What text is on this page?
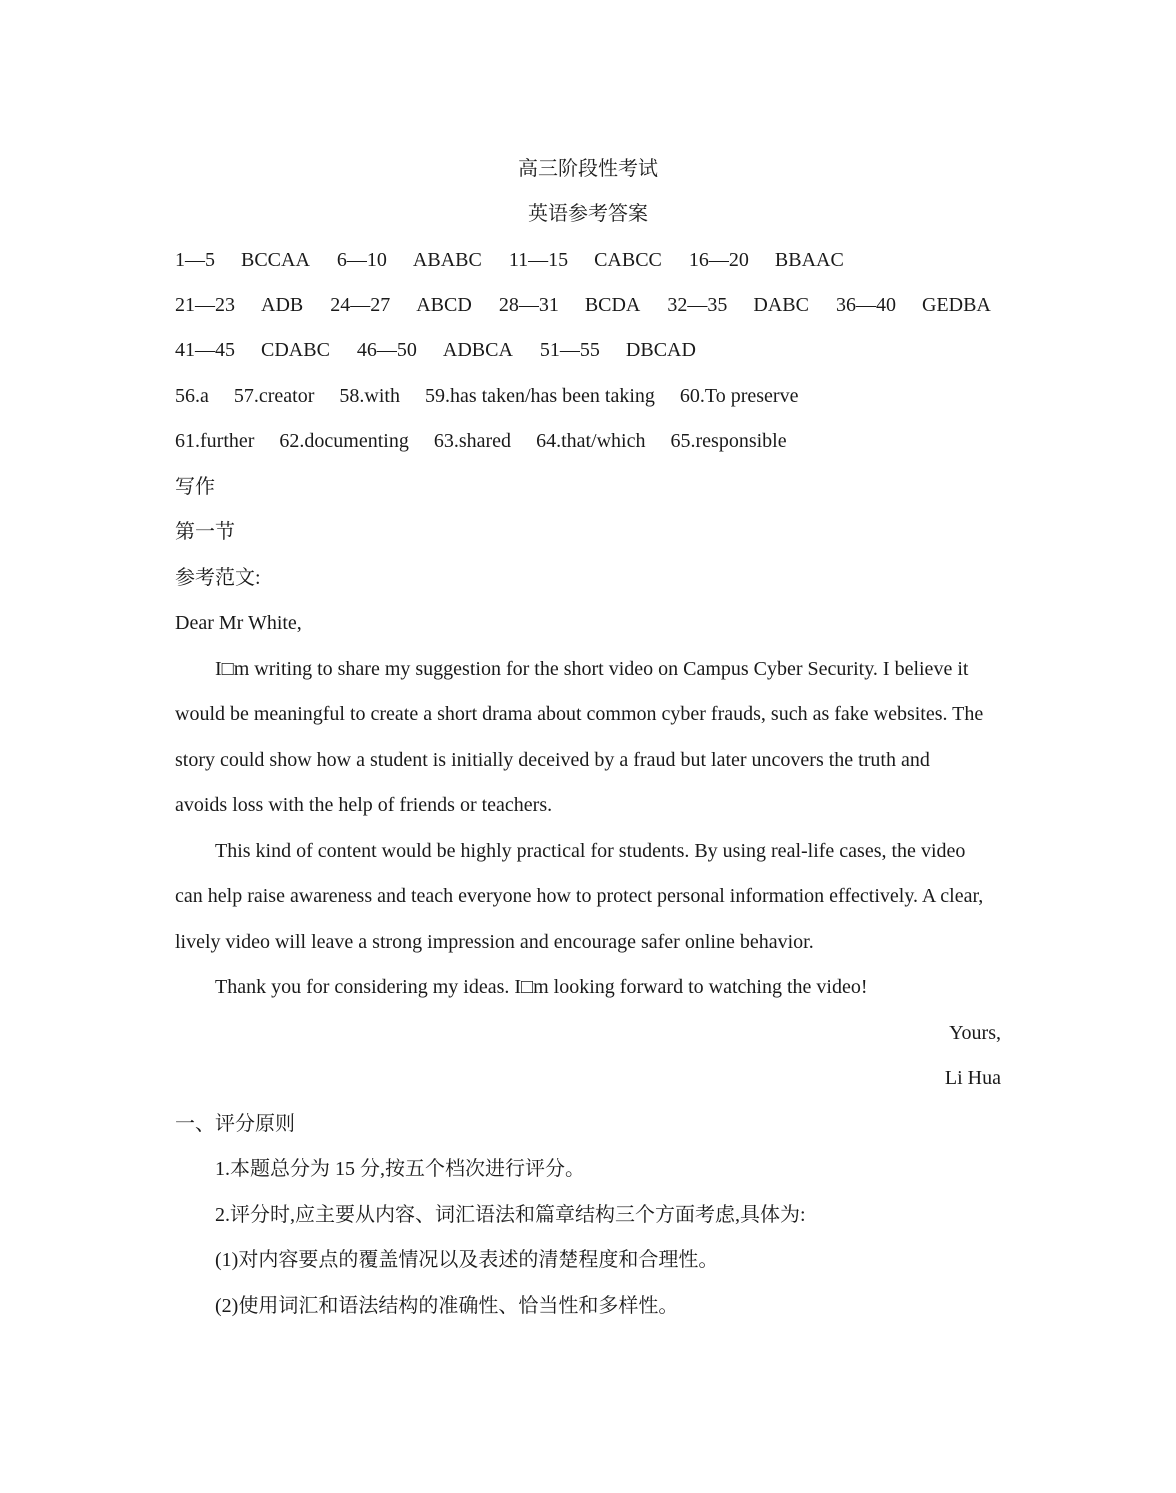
高三阶段性考试
英语参考答案
1—5 BCCAA 6—10 ABABC 11—15 CABCC 16—20 BBAAC
21—23 ADB 24—27 ABCD 28—31 BCDA 32—35 DABC 36—40 GEDBA
41—45 CDABC 46—50 ADBCA 51—55 DBCAD
56.a 57.creator 58.with 59.has taken/has been taking 60.To preserve
61.further 62.documenting 63.shared 64.that/which 65.responsible
写作
第一节
参考范文:
Dear Mr White,
I□m writing to share my suggestion for the short video on Campus Cyber Security. I believe it
would be meaningful to create a short drama about common cyber frauds, such as fake websites. The
story could show how a student is initially deceived by a fraud but later uncovers the truth and
avoids loss with the help of friends or teachers.
This kind of content would be highly practical for students. By using real-life cases, the video
can help raise awareness and teach everyone how to protect personal information effectively. A clear,
lively video will leave a strong impression and encourage safer online behavior.
Thank you for considering my ideas. I□m looking forward to watching the video!
Yours,
Li Hua
一、评分原则
1.本题总分为 15 分,按五个档次进行评分。
2.评分时,应主要从内容、词汇语法和篇章结构三个方面考虑,具体为:
(1)对内容要点的覆盖情况以及表述的清楚程度和合理性。
(2)使用词汇和语法结构的准确性、恰当性和多样性。
